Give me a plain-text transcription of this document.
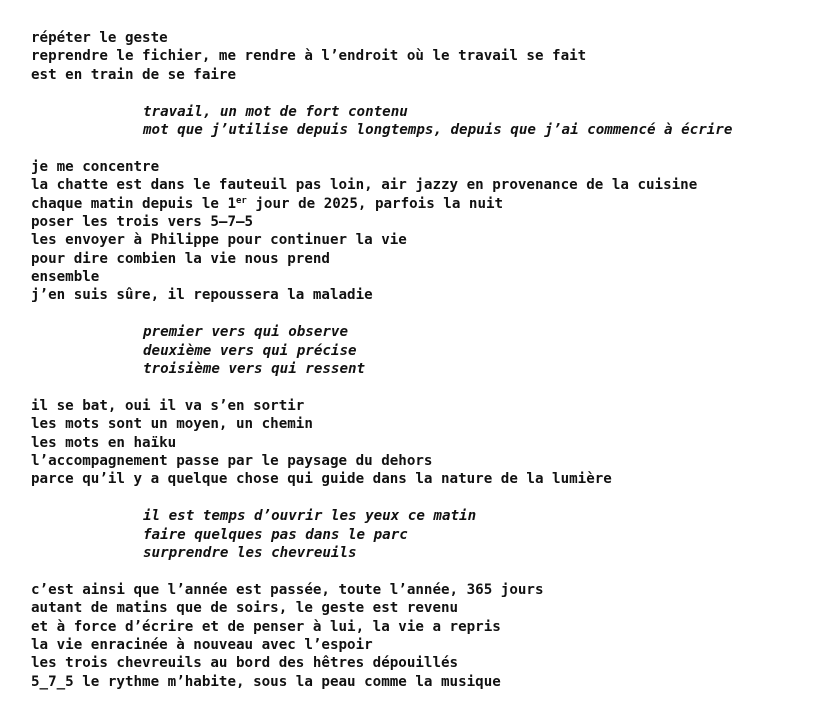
répéter le geste
reprendre le fichier, me rendre à l’endroit où le travail se fait
est en train de se faire
travail, un mot de fort contenu
mot que j’utilise depuis longtemps, depuis que j’ai commencé à écrire
je me concentre
la chatte est dans le fauteuil pas loin, air jazzy en provenance de la cuisine
chaque matin depuis le 1er jour de 2025, parfois la nuit
poser les trois vers 5–7–5
les envoyer à Philippe pour continuer la vie
pour dire combien la vie nous prend
ensemble
j’en suis sûre, il repoussera la maladie
premier vers qui observe
deuxième vers qui précise
troisième vers qui ressent
il se bat, oui il va s’en sortir
les mots sont un moyen, un chemin
les mots en haïku
l’accompagnement passe par le paysage du dehors
parce qu’il y a quelque chose qui guide dans la nature de la lumière
il est temps d’ouvrir les yeux ce matin
faire quelques pas dans le parc
surprendre les chevreuils
c’est ainsi que l’année est passée, toute l’année, 365 jours
autant de matins que de soirs, le geste est revenu
et à force d’écrire et de penser à lui, la vie a repris
la vie enracinée à nouveau avec l’espoir
les trois chevreuils au bord des hêtres dépouillés
5_7_5 le rythme m’habite, sous la peau comme la musique
